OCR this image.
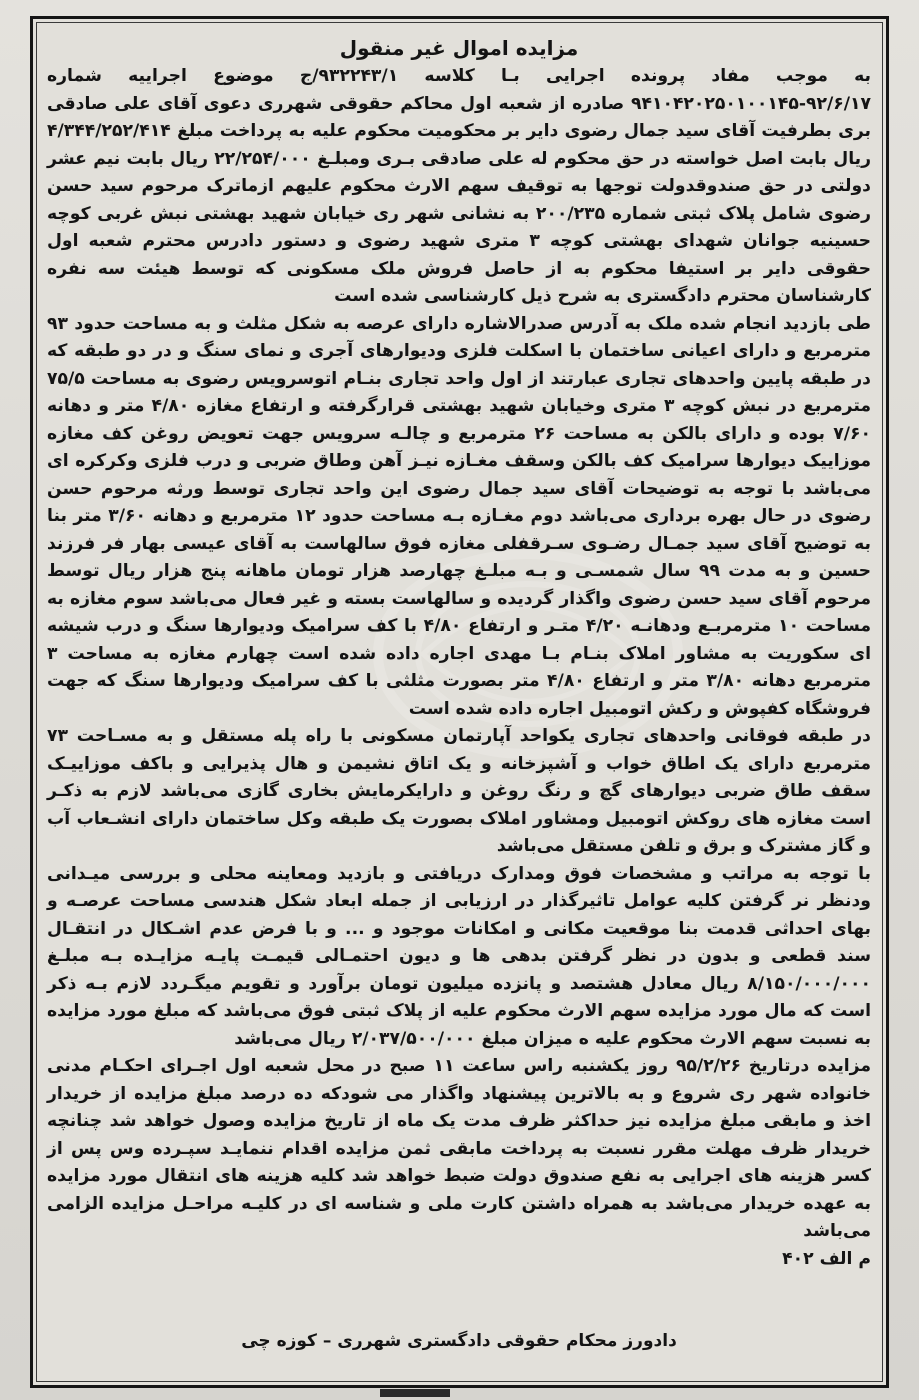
مزایده اموال غیر منقول

به موجب مفاد پرونده اجرایی بـا کلاسه ۹۳۲۲۴۳/۱/ج موضوع اجراییه شماره ۹۲/۶/۱۷-۹۴۱۰۴۲۰۲۵۰۱۰۰۱۴۵ صادره از شعبه اول محاکم حقوقی شهرری دعوی آقای علی صادقی بری بطرفیت آقای سید جمال رضوی دایر بر محکومیت محکوم علیه به پرداخت مبلغ ۴/۳۴۴/۲۵۲/۴۱۴ ریال بابت اصل خواسته در حق محکوم له علی صادقی بـری ومبلـغ ۲۲/۲۵۴/۰۰۰ ریال بابت نیم عشر دولتی در حق صندوقدولت توجها به توقیف سهم الارث محکوم علیهم ازماترک مرحوم سید حسن رضوی شامل پلاک ثبتی شماره ۲۰۰/۲۳۵ به نشانی شهر ری خیابان شهید بهشتی نبش غربی کوچه حسینیه جوانان شهدای بهشتی کوچه ۳ متری شهید رضوی و دستور دادرس محترم شعبه اول حقوقی دایر بر استیفا محکوم به از حاصل فروش ملک مسکونی که توسط هیئت سه نفره کارشناسان محترم دادگستری به شرح ذیل کارشناسی شده است

طی بازدید انجام شده ملک به آدرس صدرالاشاره دارای عرصه به شکل مثلث و به مساحت حدود ۹۳ مترمربع و دارای اعیانی ساختمان با اسکلت فلزی ودیوارهای آجری و نمای سنگ و در دو طبقه که در طبقه پایین واحدهای تجاری عبارتند از اول واحد تجاری بنـام اتوسرویس رضوی به مساحت ۷۵/۵ مترمربع در نبش کوچه ۳ متری وخیابان شهید بهشتی قرارگرفته و ارتفاع مغازه ۴/۸۰ متر و دهانه ۷/۶۰ بوده و دارای بالکن به مساحت ۲۶ مترمربع و چالـه سرویس جهت تعویض روغن کف مغازه موزاییک دیوارها سرامیک کف بالکن وسقف مغـازه نیـز آهن وطاق ضربی و درب فلزی وکرکره ای می‌باشد با توجه به توضیحات آقای سید جمال رضوی این واحد تجاری توسط ورثه مرحوم حسن رضوی در حال بهره برداری می‌باشد دوم مغـازه بـه مساحت حدود ۱۲ مترمربع و دهانه ۳/۶۰ متر بنا به توضیح آقای سید جمـال رضـوی سـرقفلی مغازه فوق سالهاست به آقای عیسی بهار فر فرزند حسین و به مدت ۹۹ سال شمسـی و بـه مبلـغ چهارصد هزار تومان ماهانه پنج هزار ریال توسط مرحوم آقای سید حسن رضوی واگذار گردیده و سالهاست بسته و غیر فعال می‌باشد سوم مغازه به مساحت ۱۰ مترمربـع ودهانـه ۴/۲۰ متـر و ارتفاع ۴/۸۰ با کف سرامیک ودیوارها سنگ و درب شیشه ای سکوریت به مشاور املاک بنـام بـا مهدی اجاره داده شده است چهارم مغازه به مساحت ۳ مترمربع دهانه ۳/۸۰ متر و ارتفاع ۴/۸۰ متر بصورت مثلثی با کف سرامیک ودیوارها سنگ که جهت فروشگاه کفپوش و رکش اتومبیل اجاره داده شده است

در طبقه فوقانی واحدهای تجاری یکواحد آپارتمان مسکونی با راه پله مستقل و به مسـاحت ۷۳ مترمربع دارای یک اطاق خواب و آشپزخانه و یک اتاق نشیمن و هال پذیرایی و باکف موزاییـک سقف طاق ضربی دیوارهای گچ و رنگ روغن و دارایکرمایش بخاری گازی می‌باشد لازم به ذکـر است مغازه های روکش اتومبیل ومشاور املاک بصورت یک طبقه وکل ساختمان دارای انشـعاب آب و گاز مشترک و برق و تلفن مستقل می‌باشد

با توجه به مراتب و مشخصات فوق ومدارک دریافتی و بازدید ومعاینه محلی و بررسی میـدانی ودنظر نر گرفتن کلیه عوامل تاثیرگذار در ارزیابی از جمله ابعاد شکل هندسی مساحت عرصـه و بهای احداثی قدمت بنا موقعیت مکانی و امکانات موجود و ... و با فرض عدم اشـکال در انتقـال سند قطعی و بدون در نظر گرفتن بدهی ها و دیون احتمـالی قیمـت پایـه مزایـده بـه مبلـغ ۸/۱۵۰/۰۰۰/۰۰۰ ریال معادل هشتصد و پانزده میلیون تومان برآورد و تقویم میگـردد لازم بـه ذکر است که مال مورد مزایده سهم الارث محکوم علیه از پلاک ثبتی فوق می‌باشد که مبلغ مورد مزایده به نسبت سهم الارث محکوم علیه ه میزان مبلغ ۲/۰۳۷/۵۰۰/۰۰۰ ریال می‌باشد

مزایده درتاریخ ۹۵/۲/۲۶ روز یکشنبه راس ساعت ۱۱ صبح در محل شعبه اول اجـرای احکـام مدنی خانواده شهر ری شروع و به بالاترین پیشنهاد واگذار می شودکه ده درصد مبلغ مزایده از خریدار اخذ و مابقی مبلغ مزایده نیز حداکثر ظرف مدت یک ماه از تاریخ مزایده وصول خواهد شد چنانچه خریدار ظرف مهلت مقرر نسبت به پرداخت مابقی ثمن مزایده اقدام ننمایـد سپـرده وس پس از کسر هزینه های اجرایی به نفع صندوق دولت ضبط خواهد شد کلیه هزینه های انتقال مورد مزایده به عهده خریدار می‌باشد به همراه داشتن کارت ملی و شناسه ای در کلیـه مراحـل مزایده الزامی می‌باشد

م الف ۴۰۲
دادورز محکام حقوقی دادگستری شهرری – کوزه چی
